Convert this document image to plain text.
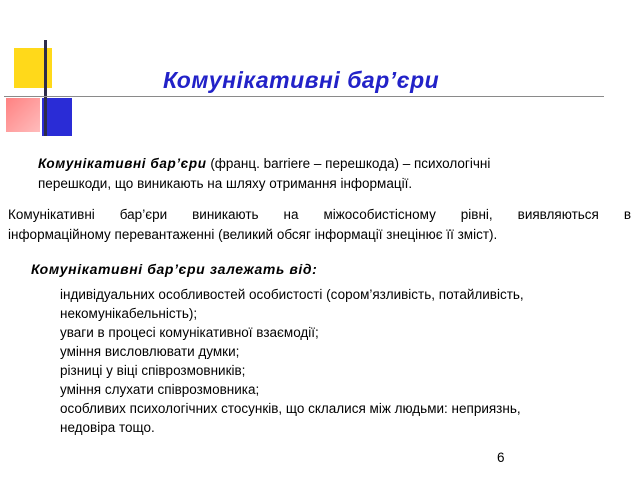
Комунікативні бар’єри
Комунікативні бар’єри (франц. barriere – перешкода) – психологічні
перешкоди, що виникають на шляху отримання інформації.
Комунікативні бар’єри виникають на міжособистісному рівні, виявляються в
інформаційному перевантаженні (великий обсяг інформації знецінює її зміст).
Комунікативні бар’єри залежать від:
індивідуальних особливостей особистості (сором’язливість, потайливість,
некомунікабельність);
уваги в процесі комунікативної взаємодії;
уміння висловлювати думки;
різниці у віці співрозмовників;
уміння слухати співрозмовника;
особливих психологічних стосунків, що склалися між людьми: неприязнь,
недовіра тощо.
6
